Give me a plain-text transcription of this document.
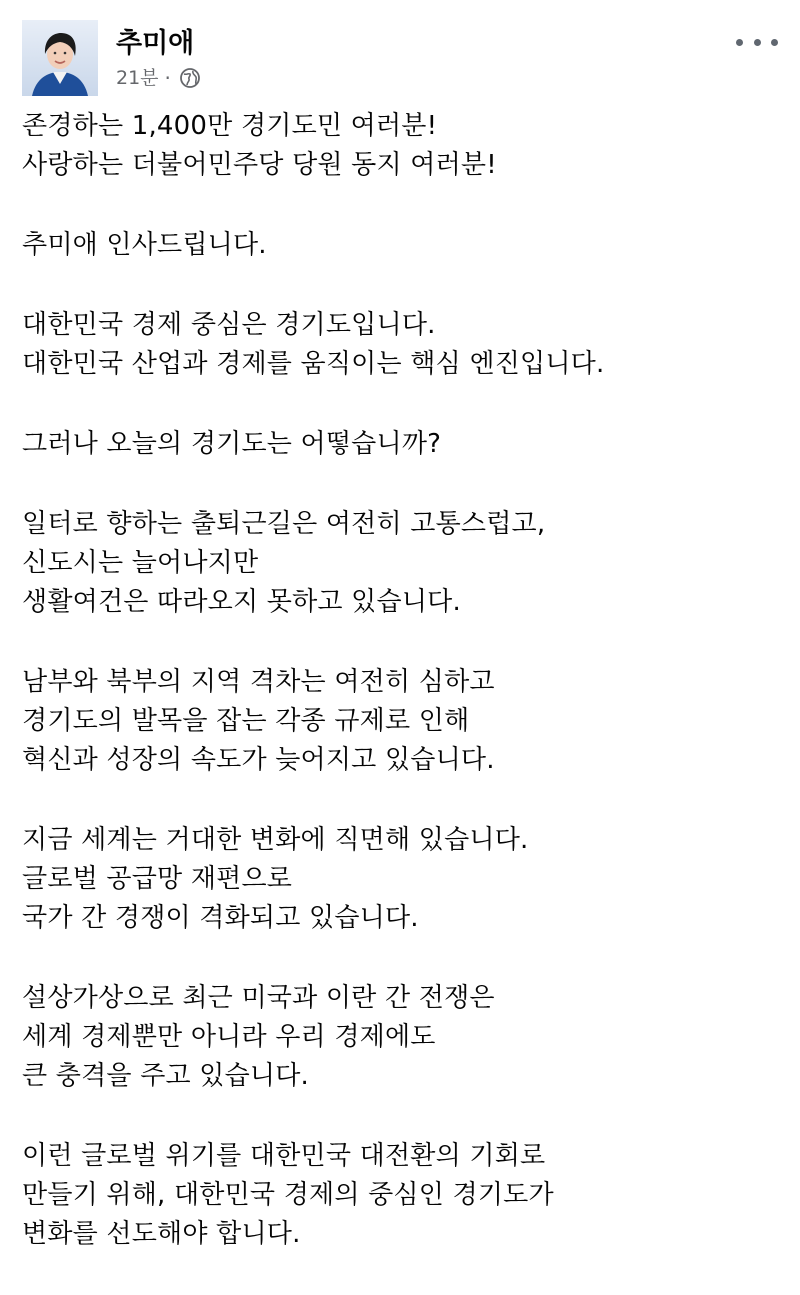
추미애
21분 ·
존경하는 1,400만 경기도민 여러분!
사랑하는 더불어민주당 당원 동지 여러분!
추미애 인사드립니다.
대한민국 경제 중심은 경기도입니다.
대한민국 산업과 경제를 움직이는 핵심 엔진입니다.
그러나 오늘의 경기도는 어떻습니까?
일터로 향하는 출퇴근길은 여전히 고통스럽고,
신도시는 늘어나지만
생활여건은 따라오지 못하고 있습니다.
남부와 북부의 지역 격차는 여전히 심하고
경기도의 발목을 잡는 각종 규제로 인해
혁신과 성장의 속도가 늦어지고 있습니다.
지금 세계는 거대한 변화에 직면해 있습니다.
글로벌 공급망 재편으로
국가 간 경쟁이 격화되고 있습니다.
설상가상으로 최근 미국과 이란 간 전쟁은
세계 경제뿐만 아니라 우리 경제에도
큰 충격을 주고 있습니다.
이런 글로벌 위기를 대한민국 대전환의 기회로
만들기 위해, 대한민국 경제의 중심인 경기도가
변화를 선도해야 합니다.
